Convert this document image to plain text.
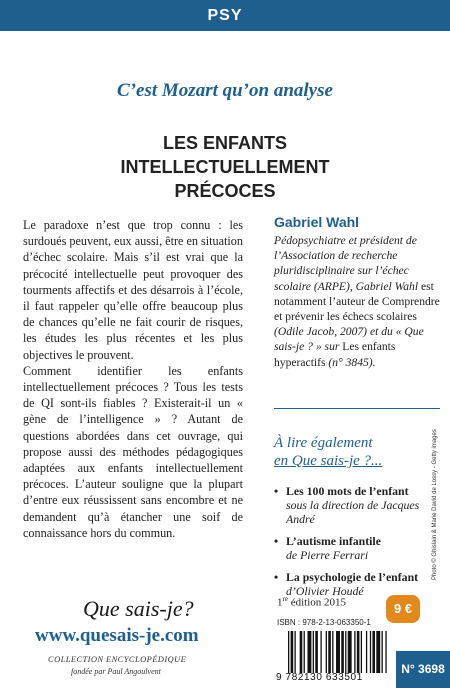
PSY
C’est Mozart qu’on analyse
LES ENFANTS
INTELLECTUELLEMENT
PRÉCOCES

Le paradoxe n’est que trop connu : les surdoués peuvent, eux aussi, être en situation d’échec scolaire. Mais s’il est vrai que la précocité intellectuelle peut provoquer des tourments affectifs et des désarrois à l’école, il faut rappeler qu’elle offre beaucoup plus de chances qu’elle ne fait courir de risques, les études les plus récentes et les plus objectives le prouvent.

Comment identifier les enfants intellectuellement précoces ? Tous les tests de QI sont-ils fiables ? Existerait-il un « gène de l’intelligence » ? Autant de questions abordées dans cet ouvrage, qui propose aussi des méthodes pédagogiques adaptées aux enfants intellectuellement précoces. L’auteur souligne que la plupart d’entre eux réussissent sans encombre et ne demandent qu’à étancher une soif de connaissance hors du commun.

Gabriel Wahl
Pédopsychiatre et président de l’Association de recherche pluridisciplinaire sur l’échec scolaire (ARPE), Gabriel Wahl est notamment l’auteur de Comprendre et prévenir les échecs scolaires (Odile Jacob, 2007) et du « Que sais-je ? » sur Les enfants hyperactifs (n° 3845).
À lire également
en Que sais-je ?...
• Les 100 mots de l’enfant
sous la direction de Jacques André
• L’autisme infantile
de Pierre Ferrari
• La psychologie de l’enfant
d’Olivier Houdé
Photo © Ghislain & Marie David de Lossy - Getty images
Que sais-je?
www.quesais-je.com
COLLECTION ENCYCLOPÉDIQUE
fondée par Paul Angoulvent
1re édition 2015	9 €
ISBN : 978-2-13-063350-1
9 782130 633501
N° 3698
